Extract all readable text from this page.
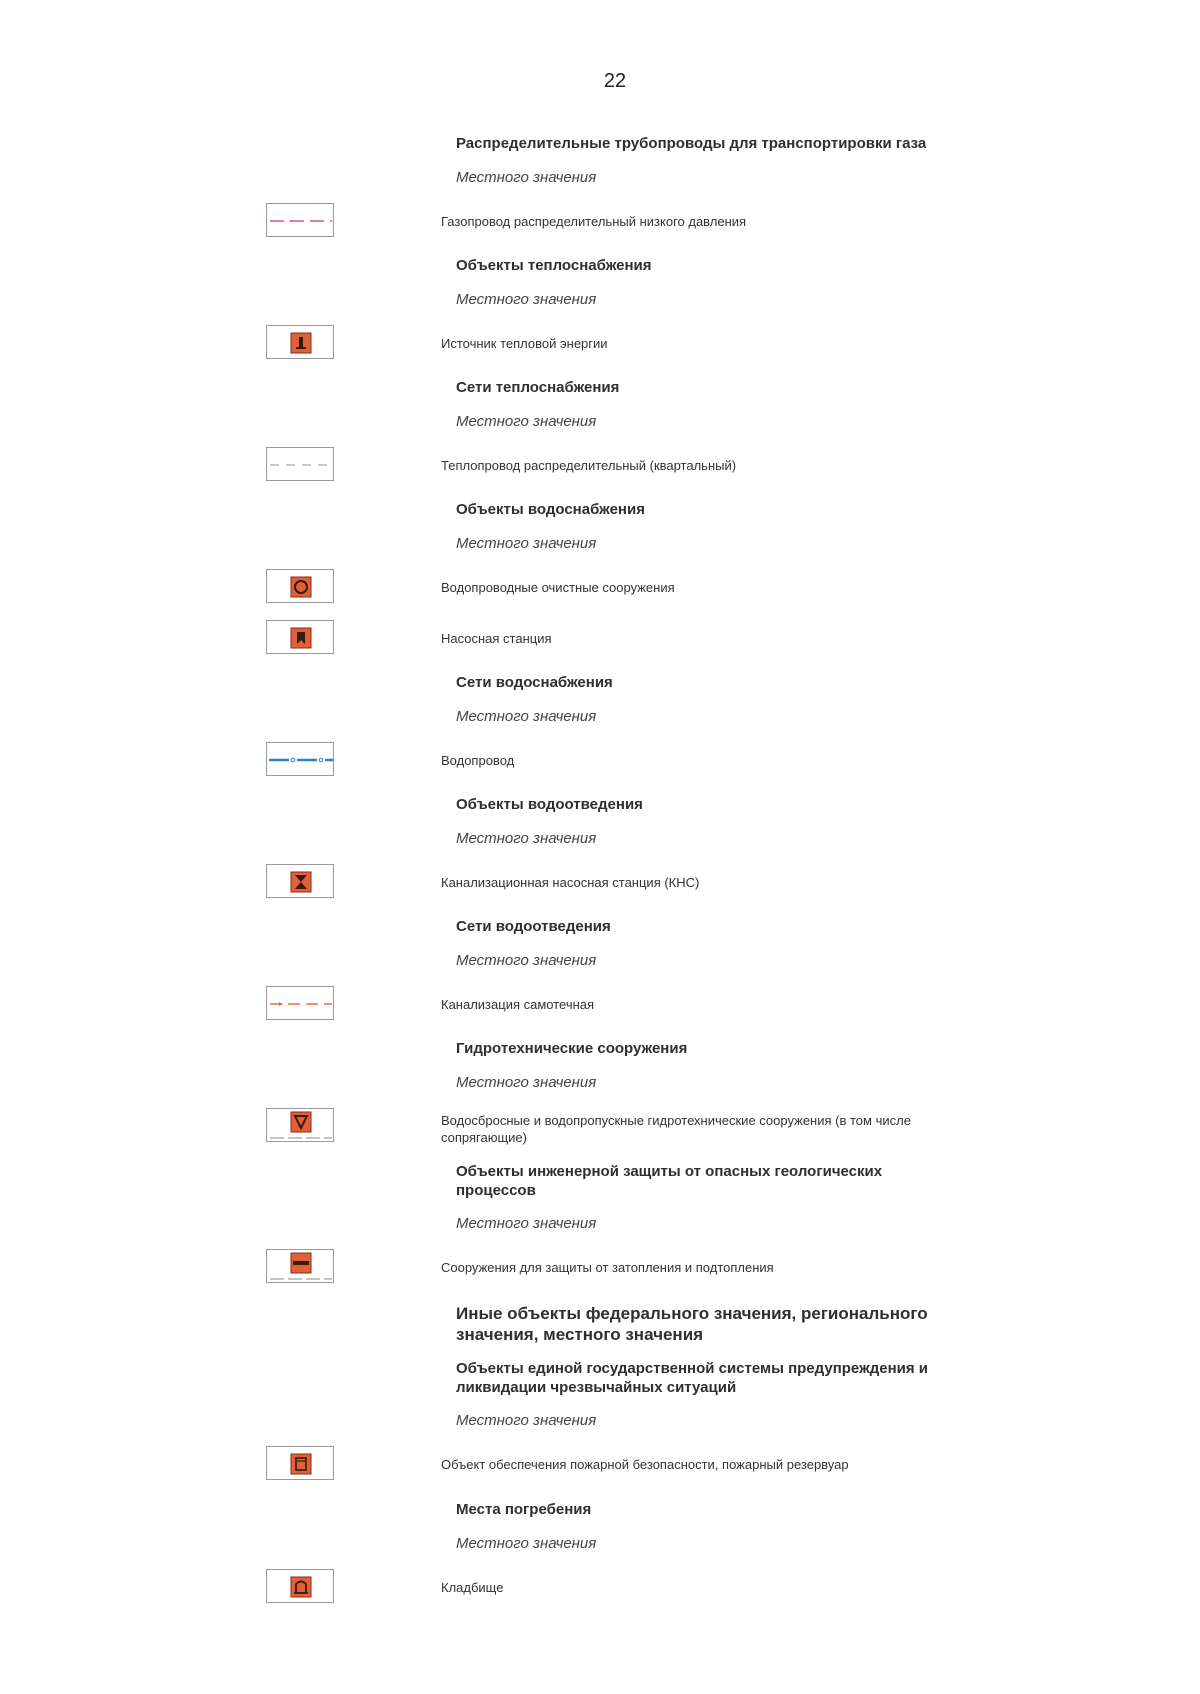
22
Распределительные трубопроводы для транспортировки газа
Местного значения
Газопровод распределительный низкого давления
Объекты теплоснабжения
Местного значения
Источник тепловой энергии
Сети теплоснабжения
Местного значения
Теплопровод распределительный (квартальный)
Объекты водоснабжения
Местного значения
Водопроводные очистные сооружения
Насосная станция
Сети водоснабжения
Местного значения
Водопровод
Объекты водоотведения
Местного значения
Канализационная насосная станция (КНС)
Сети водоотведения
Местного значения
Канализация самотечная
Гидротехнические сооружения
Местного значения
Водосбросные и водопропускные гидротехнические сооружения (в том числе сопрягающие)
Объекты инженерной защиты от опасных геологических процессов
Местного значения
Сооружения для защиты от затопления и подтопления
Иные объекты федерального значения, регионального значения, местного значения
Объекты единой государственной системы предупреждения и ликвидации чрезвычайных ситуаций
Местного значения
Объект обеспечения пожарной безопасности, пожарный резервуар
Места погребения
Местного значения
Кладбище
